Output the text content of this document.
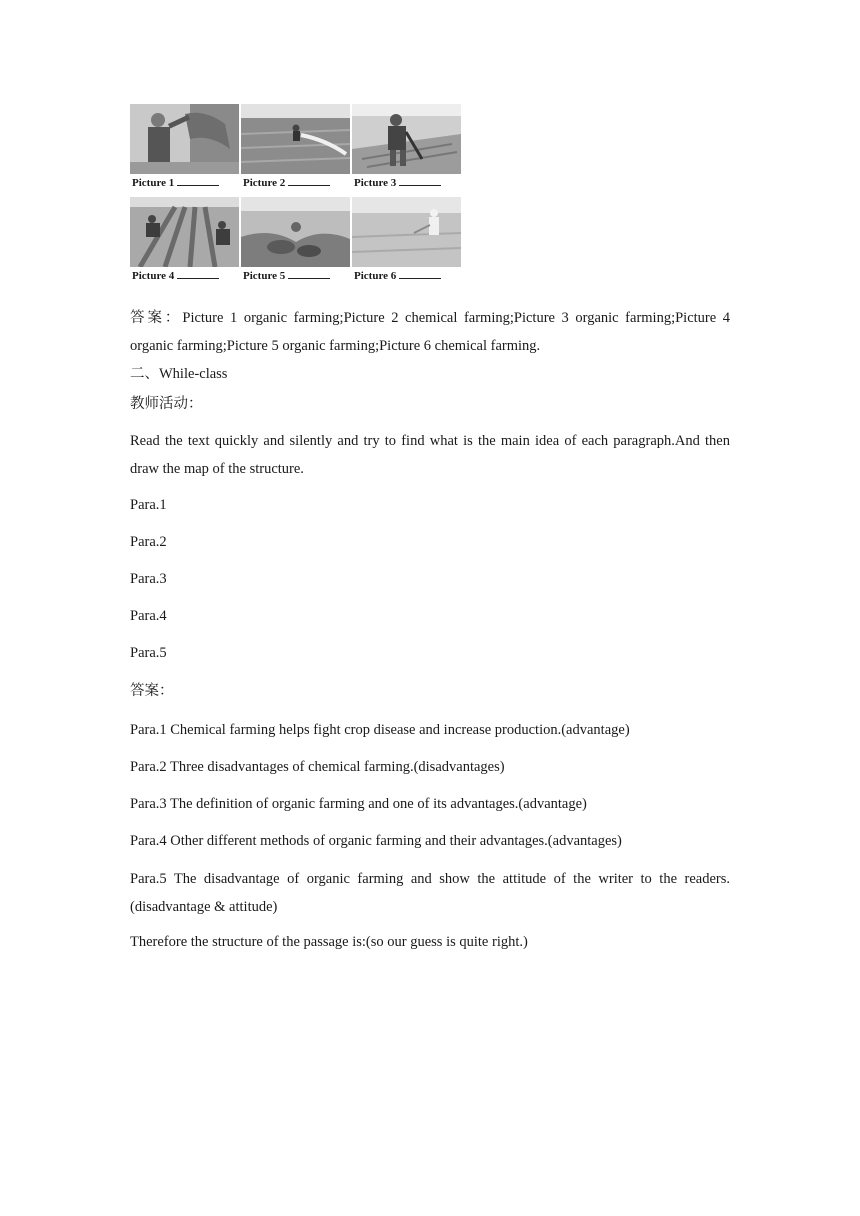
Picture 1	Picture 2	Picture 3
Picture 4	Picture 5	Picture 6
答案：Picture 1 organic farming;Picture 2 chemical farming;Picture 3 organic farming;Picture 4 organic farming;Picture 5 organic farming;Picture 6 chemical farming.
二、While-class
教师活动：
Read the text quickly and silently and try to find what is the main idea of each paragraph.And then draw the map of the structure.
Para.1
Para.2
Para.3
Para.4
Para.5
答案：
Para.1 Chemical farming helps fight crop disease and increase production.(advantage)
Para.2 Three disadvantages of chemical farming.(disadvantages)
Para.3 The definition of organic farming and one of its advantages.(advantage)
Para.4 Other different methods of organic farming and their advantages.(advantages)
Para.5 The disadvantage of organic farming and show the attitude of the writer to the readers.(disadvantage & attitude)
Therefore the structure of the passage is:(so our guess is quite right.)
